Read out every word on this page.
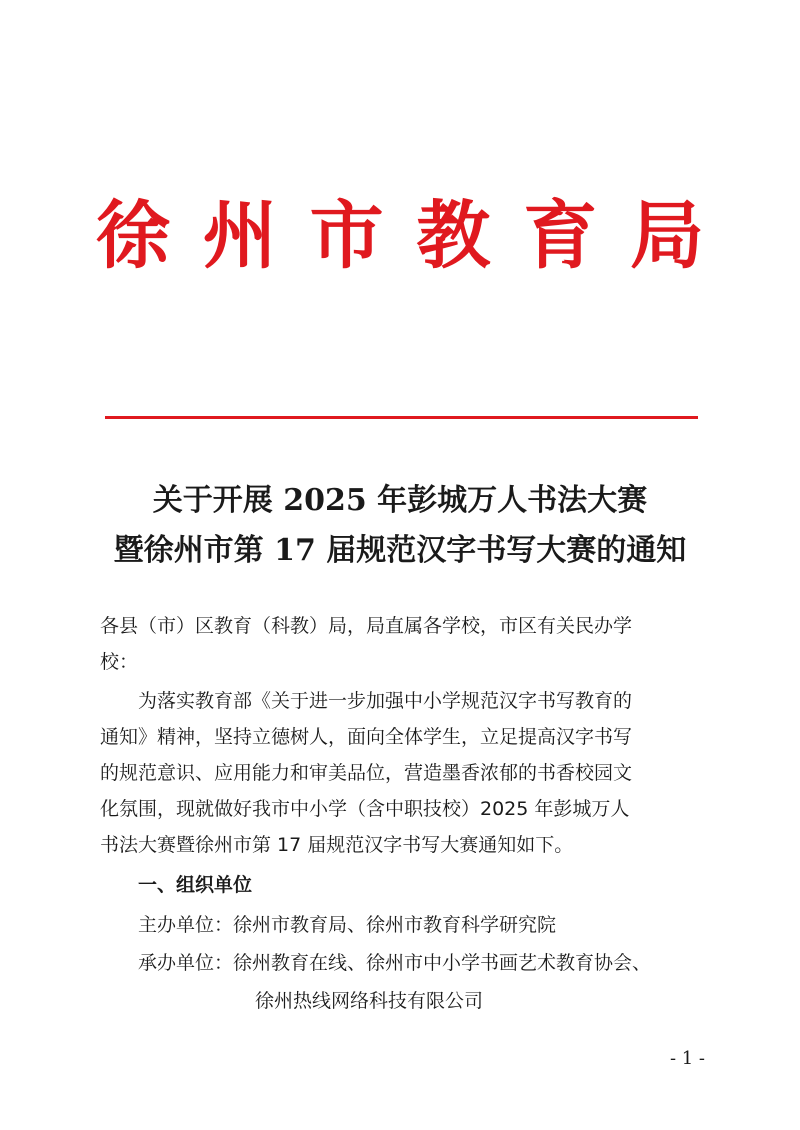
徐 州 市 教 育 局
关于开展 2025 年彭城万人书法大赛
暨徐州市第 17 届规范汉字书写大赛的通知
各县（市）区教育（科教）局，局直属各学校，市区有关民办学
校：
为落实教育部《关于进一步加强中小学规范汉字书写教育的
通知》精神，坚持立德树人，面向全体学生，立足提高汉字书写
的规范意识、应用能力和审美品位，营造墨香浓郁的书香校园文
化氛围，现就做好我市中小学（含中职技校）2025 年彭城万人
书法大赛暨徐州市第 17 届规范汉字书写大赛通知如下。
一、组织单位
主办单位：徐州市教育局、徐州市教育科学研究院
承办单位：徐州教育在线、徐州市中小学书画艺术教育协会、
徐州热线网络科技有限公司
- 1 -
